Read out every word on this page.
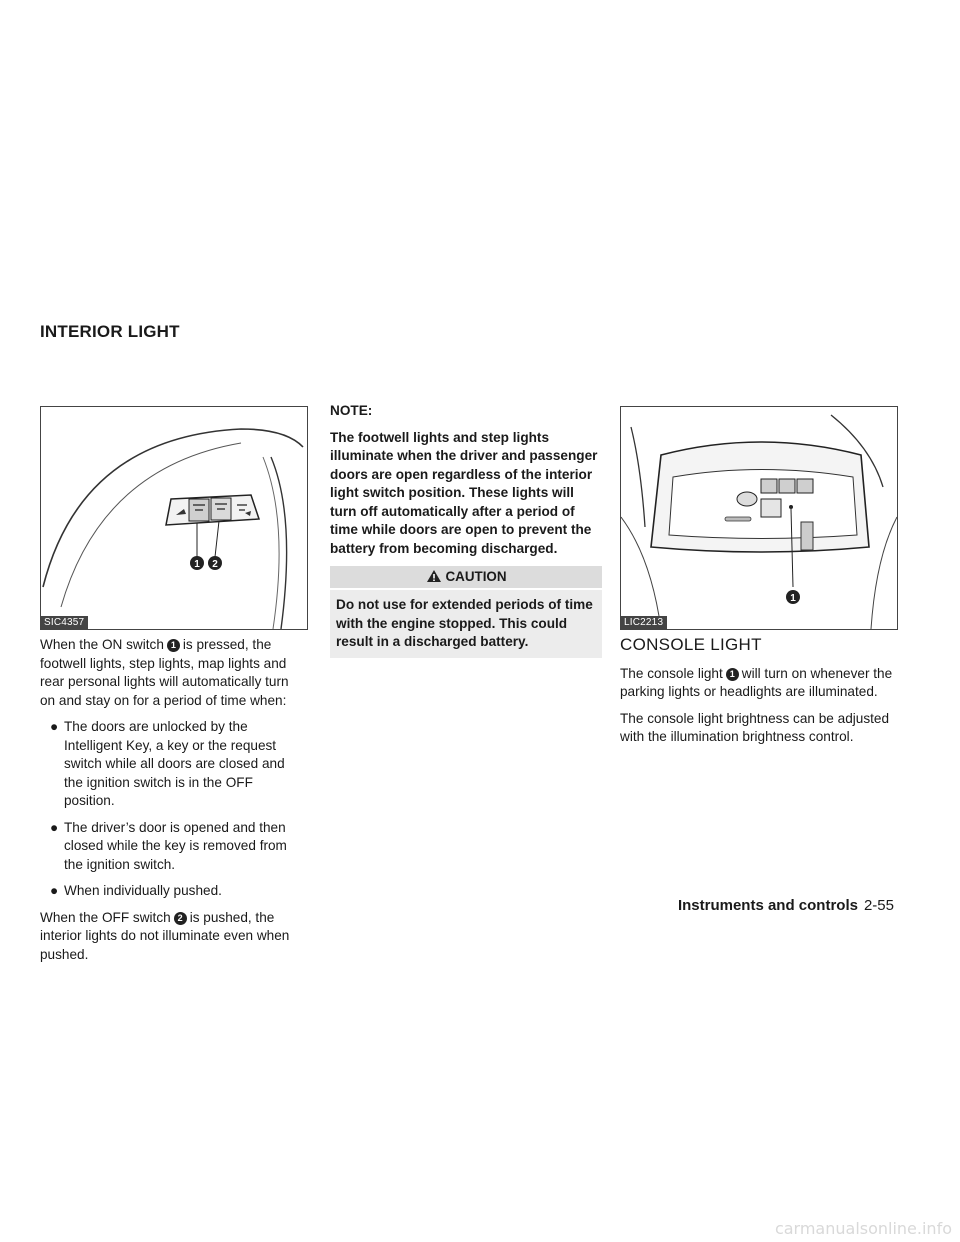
INTERIOR LIGHT
1 2
SIC4357
1
LIC2213

When the ON switch 1 is pressed, the footwell lights, step lights, map lights and rear personal lights will automatically turn on and stay on for a period of time when:

● The doors are unlocked by the Intelligent Key, a key or the request switch while all doors are closed and the ignition switch is in the OFF position.
● The driver’s door is opened and then closed while the key is removed from the ignition switch.
● When individually pushed.

When the OFF switch 2 is pushed, the interior lights do not illuminate even when pushed.

NOTE:

The footwell lights and step lights illuminate when the driver and passenger doors are open regardless of the interior light switch position. These lights will turn off automatically after a period of time while doors are open to prevent the battery from becoming discharged.

CAUTION
Do not use for extended periods of time with the engine stopped. This could result in a discharged battery.	CONSOLE LIGHT

The console light 1 will turn on whenever the parking lights or headlights are illuminated.

The console light brightness can be adjusted with the illumination brightness control.

Instruments and controls 2-55
carmanualsonline.info
